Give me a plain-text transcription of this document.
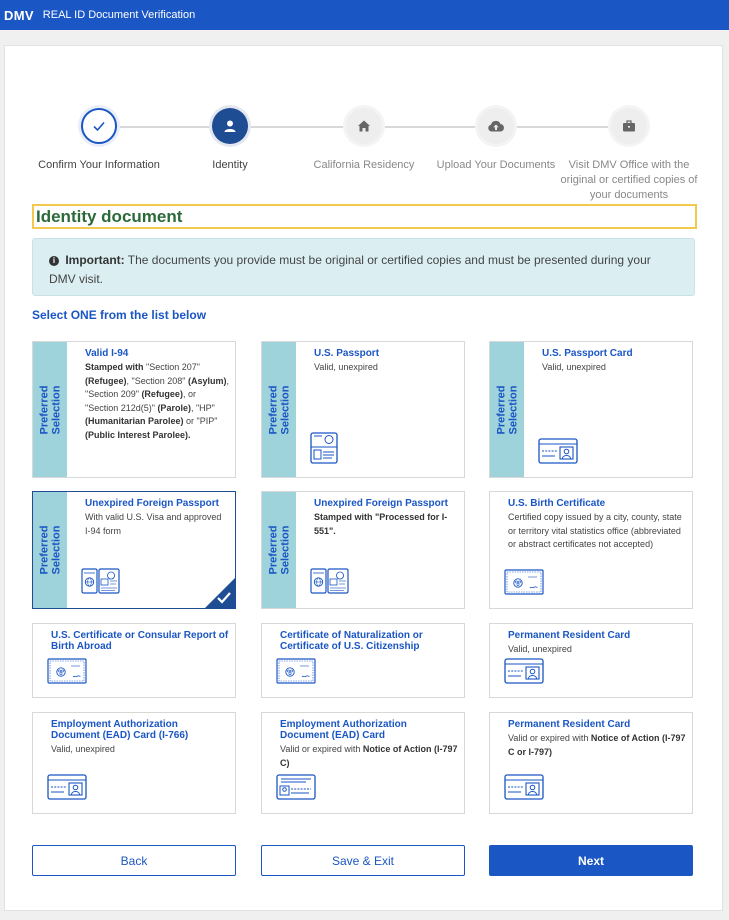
DMV REAL ID Document Verification
Confirm Your Information	Identity	California Residency	Upload Your Documents	Visit DMV Office with the original or certified copies of your documents
Identity document
i Important: The documents you provide must be original or certified copies and must be presented during your DMV visit.
Select ONE from the list below
Preferred Selection
Valid I-94
Stamped with "Section 207" (Refugee), "Section 208" (Asylum), "Section 209" (Refugee), or "Section 212d(5)" (Parole), "HP" (Humanitarian Parolee) or "PIP" (Public Interest Parolee).
Preferred Selection
U.S. Passport
Valid, unexpired
Preferred Selection
U.S. Passport Card
Valid, unexpired
Preferred Selection
Unexpired Foreign Passport
With valid U.S. Visa and approved I-94 form	Preferred Selection
Unexpired Foreign Passport
Stamped with "Processed for I-551".
U.S. Birth Certificate
Certified copy issued by a city, county, state or territory vital statistics office (abbreviated or abstract certificates not accepted)
U.S. Certificate or Consular Report of Birth Abroad
Certificate of Naturalization or Certificate of U.S. Citizenship
Permanent Resident Card
Valid, unexpired
Employment Authorization Document (EAD) Card (I-766)
Valid, unexpired
Employment Authorization Document (EAD) Card
Valid or expired with Notice of Action (I-797 C)
Permanent Resident Card
Valid or expired with Notice of Action (I-797 C or I-797)
Back	Save & Exit	Next
